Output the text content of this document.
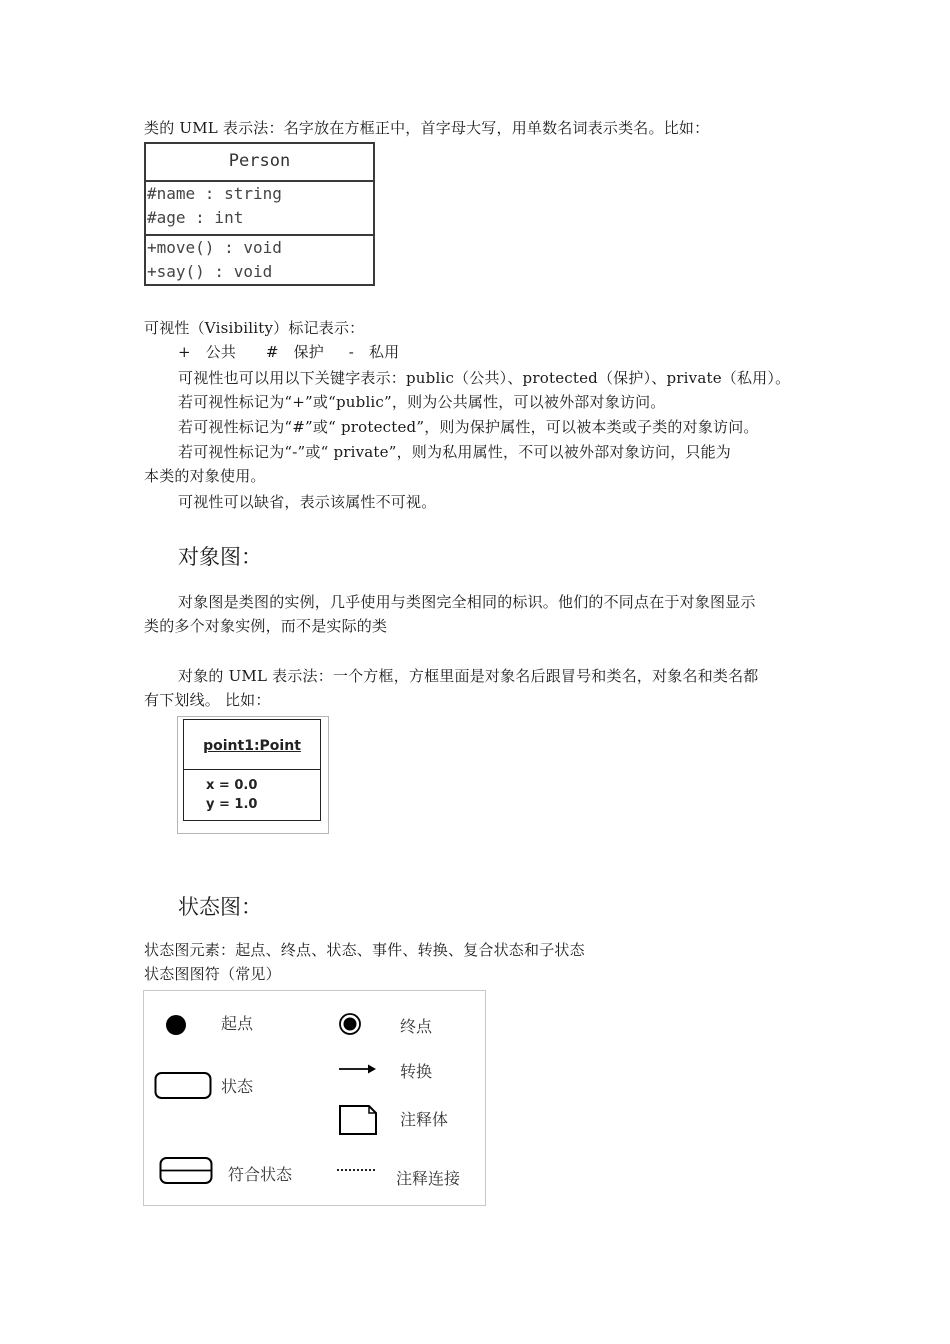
类的 UML 表示法：名字放在方框正中，首字母大写，用单数名词表示类名。比如：
Person
#name : string
#age : int
+move() : void
+say() : void
可视性（Visibility）标记表示：
+   公共      #   保护     -   私用
可视性也可以用以下关键字表示：public（公共）、protected（保护）、private（私用）。
若可视性标记为“+”或“public”，则为公共属性，可以被外部对象访问。
若可视性标记为“#”或“ protected”，则为保护属性，可以被本类或子类的对象访问。
若可视性标记为“-”或“ private”，则为私用属性，不可以被外部对象访问，只能为
本类的对象使用。
可视性可以缺省，表示该属性不可视。
对象图：
对象图是类图的实例，几乎使用与类图完全相同的标识。他们的不同点在于对象图显示
类的多个对象实例，而不是实际的类
对象的 UML 表示法：一个方框，方框里面是对象名后跟冒号和类名，对象名和类名都
有下划线。 比如：
point1:Point
x = 0.0
y = 1.0
状态图：
状态图元素：起点、终点、状态、事件、转换、复合状态和子状态
状态图图符（常见）
起点	终点
转换
状态
注释体
符合状态	注释连接
